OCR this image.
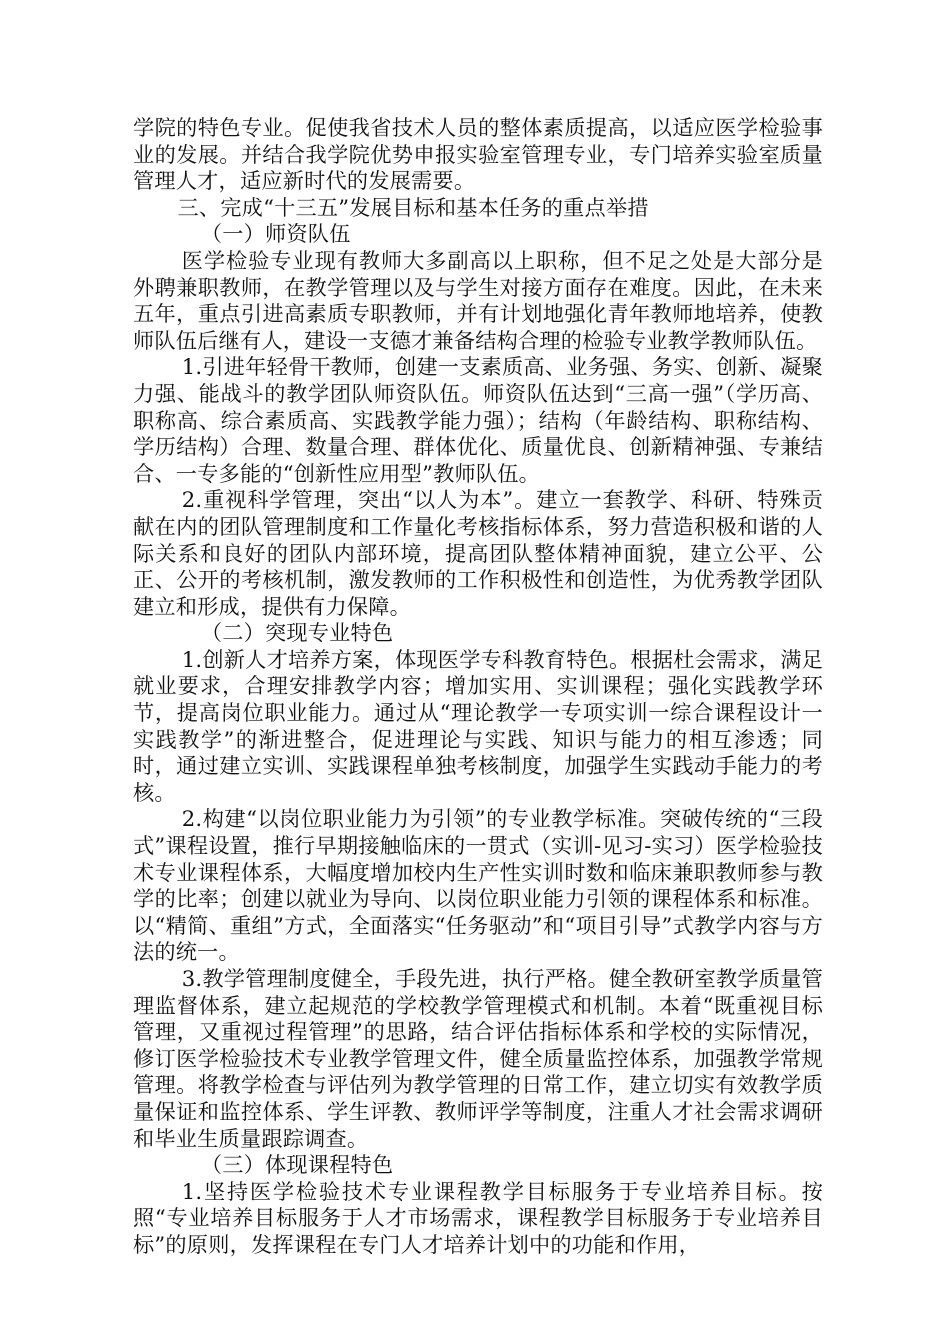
学院的特色专业。促使我省技术人员的整体素质提高，以适应医学检验事业的发展。并结合我学院优势申报实验室管理专业，专门培养实验室质量管理人才，适应新时代的发展需要。

三、完成“十三五”发展目标和基本任务的重点举措

（一）师资队伍

医学检验专业现有教师大多副高以上职称，但不足之处是大部分是外聘兼职教师，在教学管理以及与学生对接方面存在难度。因此，在未来五年，重点引进高素质专职教师，并有计划地强化青年教师地培养，使教师队伍后继有人，建设一支德才兼备结构合理的检验专业教学教师队伍。

1.引进年轻骨干教师，创建一支素质高、业务强、务实、创新、凝聚力强、能战斗的教学团队师资队伍。师资队伍达到“三高一强”（学历高、职称高、综合素质高、实践教学能力强）；结构（年龄结构、职称结构、学历结构）合理、数量合理、群体优化、质量优良、创新精神强、专兼结合、一专多能的“创新性应用型”教师队伍。

2.重视科学管理，突出“以人为本”。建立一套教学、科研、特殊贡献在内的团队管理制度和工作量化考核指标体系，努力营造积极和谐的人际关系和良好的团队内部环境，提高团队整体精神面貌，建立公平、公正、公开的考核机制，激发教师的工作积极性和创造性，为优秀教学团队建立和形成，提供有力保障。

（二）突现专业特色

1.创新人才培养方案，体现医学专科教育特色。根据杜会需求，满足就业要求，合理安排教学内容；增加实用、实训课程；强化实践教学环节，提高岗位职业能力。通过从“理论教学一专项实训一综合课程设计一实践教学”的渐进整合，促进理论与实践、知识与能力的相互渗透；同时，通过建立实训、实践课程单独考核制度，加强学生实践动手能力的考核。

2.构建“以岗位职业能力为引领”的专业教学标准。突破传统的“三段式”课程设置，推行早期接触临床的一贯式（实训-见习-实习）医学检验技术专业课程体系，大幅度增加校内生产性实训时数和临床兼职教师参与教学的比率；创建以就业为导向、以岗位职业能力引领的课程体系和标准。以“精简、重组”方式，全面落实“任务驱动”和“项目引导”式教学内容与方法的统一。

3.教学管理制度健全，手段先进，执行严格。健全教研室教学质量管理监督体系，建立起规范的学校教学管理模式和机制。本着“既重视目标管理，又重视过程管理”的思路，结合评估指标体系和学校的实际情况，修订医学检验技术专业教学管理文件，健全质量监控体系，加强教学常规管理。将教学检查与评估列为教学管理的日常工作，建立切实有效教学质量保证和监控体系、学生评教、教师评学等制度，注重人才社会需求调研和毕业生质量跟踪调查。

（三）体现课程特色

1.坚持医学检验技术专业课程教学目标服务于专业培养目标。按照“专业培养目标服务于人才市场需求，课程教学目标服务于专业培养目标”的原则，发挥课程在专门人才培养计划中的功能和作用，
